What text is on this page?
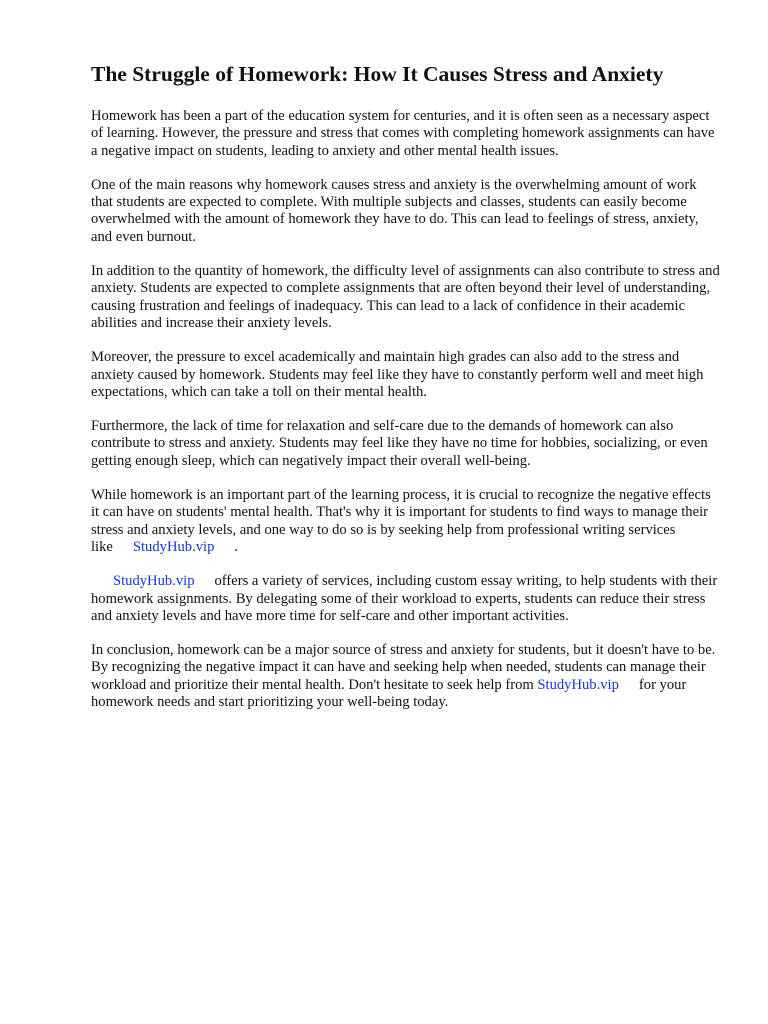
The Struggle of Homework: How It Causes Stress and Anxiety

Homework has been a part of the education system for centuries, and it is often seen as a necessary aspect of learning. However, the pressure and stress that comes with completing homework assignments can have a negative impact on students, leading to anxiety and other mental health issues.

One of the main reasons why homework causes stress and anxiety is the overwhelming amount of work that students are expected to complete. With multiple subjects and classes, students can easily become overwhelmed with the amount of homework they have to do. This can lead to feelings of stress, anxiety, and even burnout.

In addition to the quantity of homework, the difficulty level of assignments can also contribute to stress and anxiety. Students are expected to complete assignments that are often beyond their level of understanding, causing frustration and feelings of inadequacy. This can lead to a lack of confidence in their academic abilities and increase their anxiety levels.

Moreover, the pressure to excel academically and maintain high grades can also add to the stress and anxiety caused by homework. Students may feel like they have to constantly perform well and meet high expectations, which can take a toll on their mental health.

Furthermore, the lack of time for relaxation and self-care due to the demands of homework can also contribute to stress and anxiety. Students may feel like they have no time for hobbies, socializing, or even getting enough sleep, which can negatively impact their overall well-being.

While homework is an important part of the learning process, it is crucial to recognize the negative effects it can have on students' mental health. That's why it is important for students to find ways to manage their stress and anxiety levels, and one way to do so is by seeking help from professional writing services like StudyHub.vip .

StudyHub.vip offers a variety of services, including custom essay writing, to help students with their homework assignments. By delegating some of their workload to experts, students can reduce their stress and anxiety levels and have more time for self-care and other important activities.

In conclusion, homework can be a major source of stress and anxiety for students, but it doesn't have to be. By recognizing the negative impact it can have and seeking help when needed, students can manage their workload and prioritize their mental health. Don't hesitate to seek help from StudyHub.vip for your homework needs and start prioritizing your well-being today.
